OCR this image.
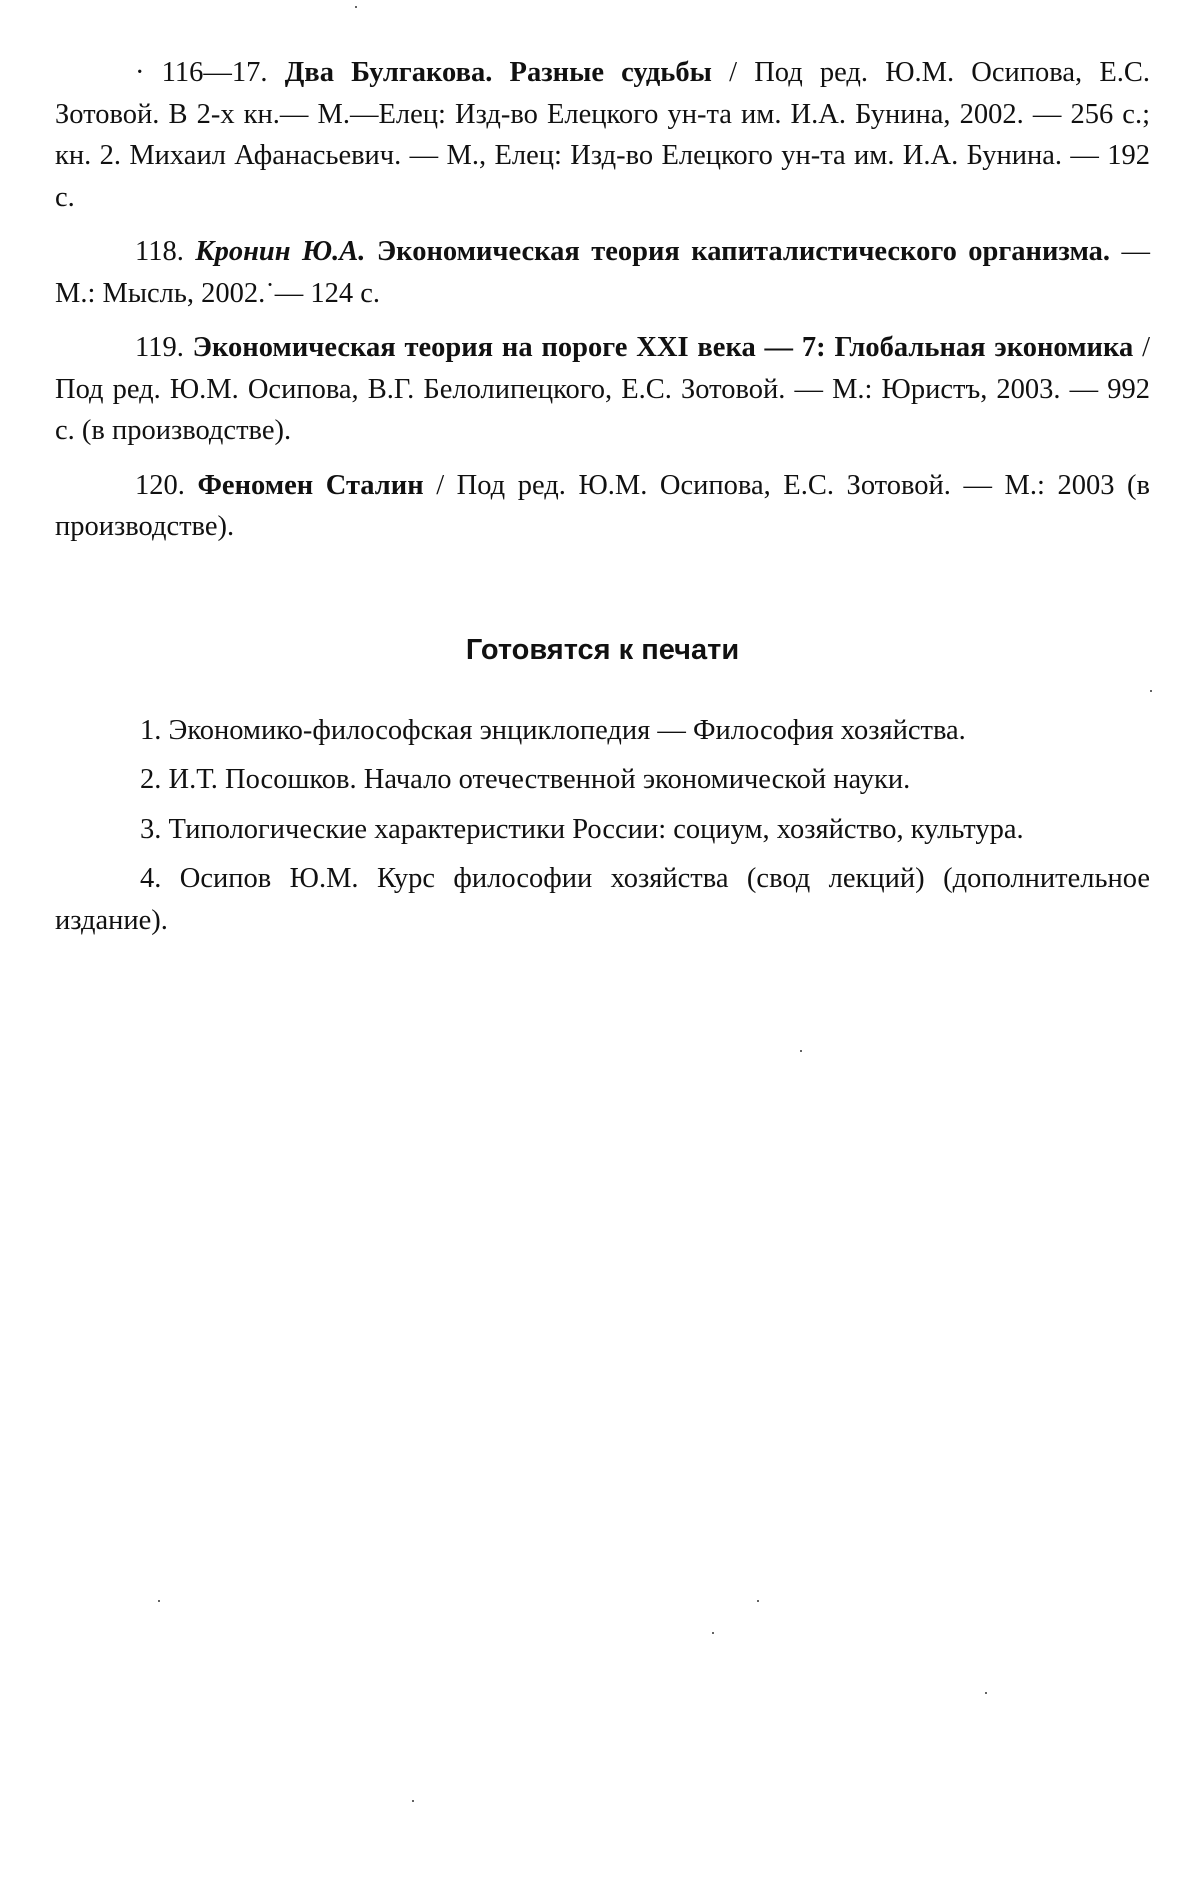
· 116—17. Два Булгакова. Разные судьбы / Под ред. Ю.М. Осипова, Е.С. Зотовой. В 2-х кн.— М.—Елец: Изд-во Елецкого ун-та им. И.А. Бунина, 2002. — 256 с.; кн. 2. Михаил Афанасьевич. — М., Елец: Изд-во Елецкого ун-та им. И.А. Бунина. — 192 с.

118. Кронин Ю.А. Экономическая теория капиталистического организма. — М.: Мысль, 2002.˙— 124 с.

119. Экономическая теория на пороге XXI века — 7: Глобальная экономика / Под ред. Ю.М. Осипова, В.Г. Белолипецкого, Е.С. Зотовой. — М.: Юристъ, 2003. — 992 с. (в производстве).

120. Феномен Сталин / Под ред. Ю.М. Осипова, Е.С. Зотовой. — М.: 2003 (в производстве).

Готовятся к печати

1. Экономико-философская энциклопедия — Философия хозяйства.

2. И.Т. Посошков. Начало отечественной экономической науки.

3. Типологические характеристики России: социум, хозяйство, культура.

4. Осипов Ю.М. Курс философии хозяйства (свод лекций) (дополнительное издание).
